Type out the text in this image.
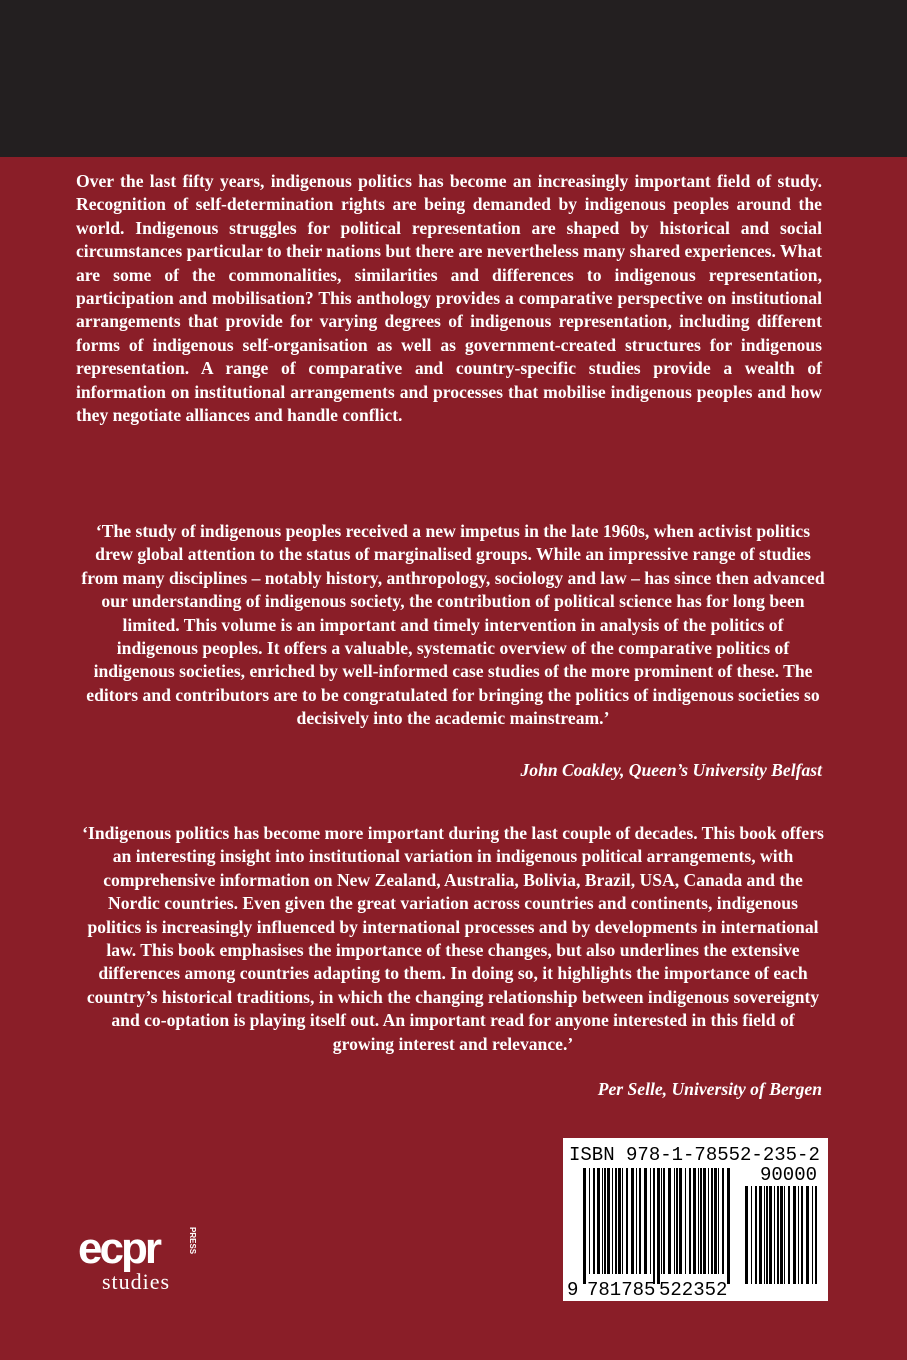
Over the last fifty years, indigenous politics has become an increasingly important field of study. Recognition of self-determination rights are being demanded by indigenous peoples around the world. Indigenous struggles for political representation are shaped by historical and social circumstances particular to their nations but there are nevertheless many shared experiences. What are some of the commonalities, similarities and differences to indigenous representation, participation and mobilisation? This anthology provides a comparative perspective on institutional arrangements that provide for varying degrees of indigenous representation, including different forms of indigenous self-organisation as well as government-created structures for indigenous representation. A range of comparative and country-specific studies provide a wealth of information on institutional arrangements and processes that mobilise indigenous peoples and how they negotiate alliances and handle conflict.

‘The study of indigenous peoples received a new impetus in the late 1960s, when activist politics drew global attention to the status of marginalised groups. While an impressive range of studies from many disciplines – notably history, anthropology, sociology and law – has since then advanced our understanding of indigenous society, the contribution of political science has for long been limited. This volume is an important and timely intervention in analysis of the politics of indigenous peoples. It offers a valuable, systematic overview of the comparative politics of indigenous societies, enriched by well-informed case studies of the more prominent of these. The editors and contributors are to be congratulated for bringing the politics of indigenous societies so decisively into the academic mainstream.’

John Coakley, Queen’s University Belfast

‘Indigenous politics has become more important during the last couple of decades. This book offers an interesting insight into institutional variation in indigenous political arrangements, with comprehensive information on New Zealand, Australia, Bolivia, Brazil, USA, Canada and the Nordic countries. Even given the great variation across countries and continents, indigenous politics is increasingly influenced by international processes and by developments in international law. This book emphasises the importance of these changes, but also underlines the extensive differences among countries adapting to them. In doing so, it highlights the importance of each country’s historical traditions, in which the changing relationship between indigenous sovereignty and co-optation is playing itself out. An important read for anyone interested in this field of growing interest and relevance.’

Per Selle, University of Bergen

ecpr	PRESS
studies
ISBN 978-1-78552-235-2
90000
9 781785 522352
